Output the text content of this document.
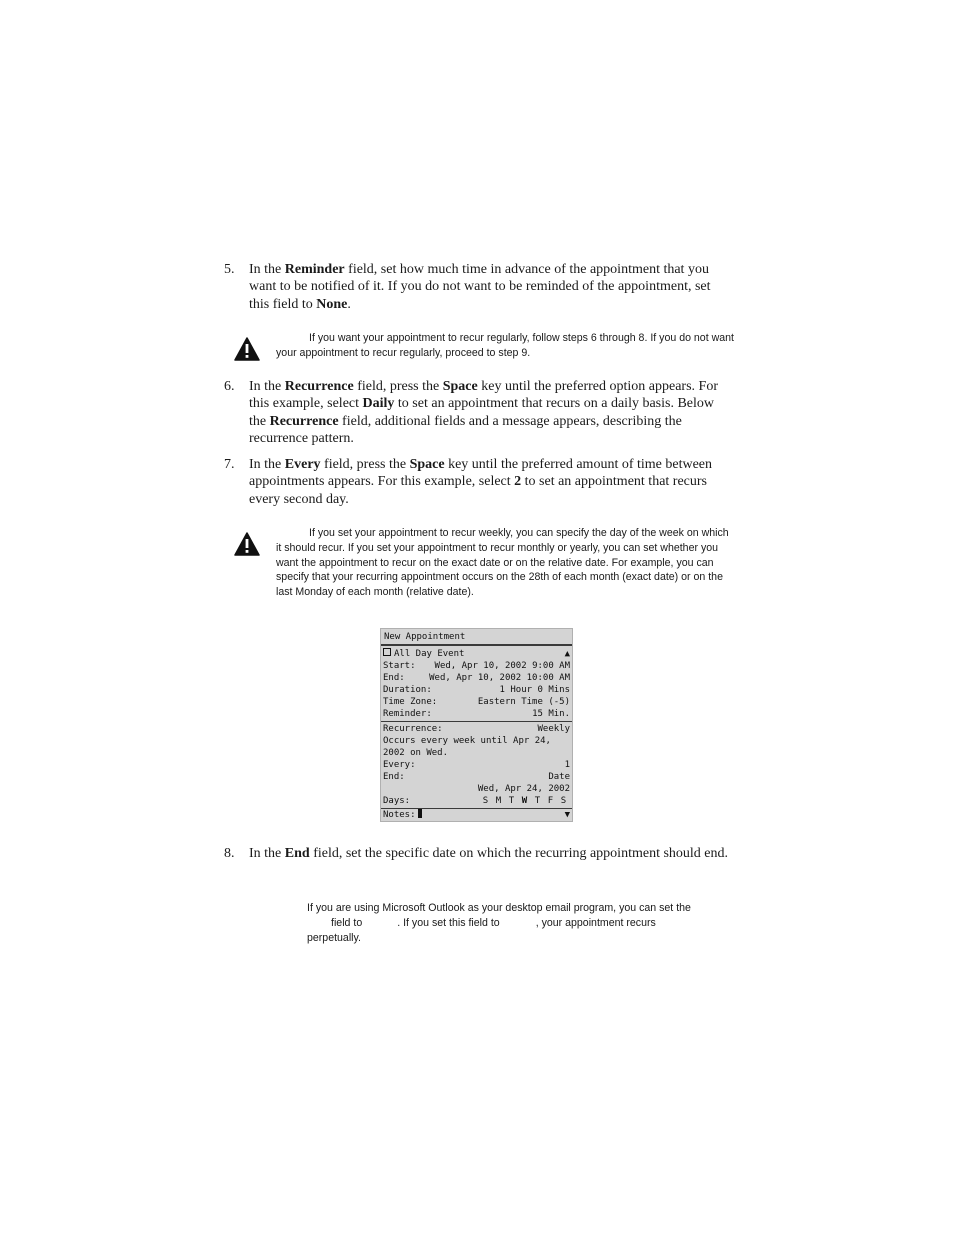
5. In the Reminder field, set how much time in advance of the appointment that you want to be notified of it. If you do not want to be reminded of the appointment, set this field to None.
If you want your appointment to recur regularly, follow steps 6 through 8. If you do not want your appointment to recur regularly, proceed to step 9.
6. In the Recurrence field, press the Space key until the preferred option appears. For this example, select Daily to set an appointment that recurs on a daily basis. Below the Recurrence field, additional fields and a message appears, describing the recurrence pattern.
7. In the Every field, press the Space key until the preferred amount of time between appointments appears. For this example, select 2 to set an appointment that recurs every second day.
If you set your appointment to recur weekly, you can specify the day of the week on which it should recur. If you set your appointment to recur monthly or yearly, you can set whether you want the appointment to recur on the exact date or on the relative date. For example, you can specify that your recurring appointment occurs on the 28th of each month (exact date) or on the last Monday of each month (relative date).
New Appointment
All Day Event	▲
Start: Wed, Apr 10, 2002 9:00 AM
End:	Wed, Apr 10, 2002 10:00 AM
Duration:	1 Hour 0 Mins
Time Zone:	Eastern Time (-5)
Reminder:	15 Min.
Recurrence:	Weekly
Occurs every week until Apr 24,
2002 on Wed.
Every:	1
End:	Date
Wed, Apr 24, 2002
Days:	S M T W T F S
Notes:	▼
8. In the End field, set the specific date on which the recurring appointment should end.
If you are using Microsoft Outlook as your desktop email program, you can set the
field to	. If you set this field to	, your appointment recurs
perpetually.
